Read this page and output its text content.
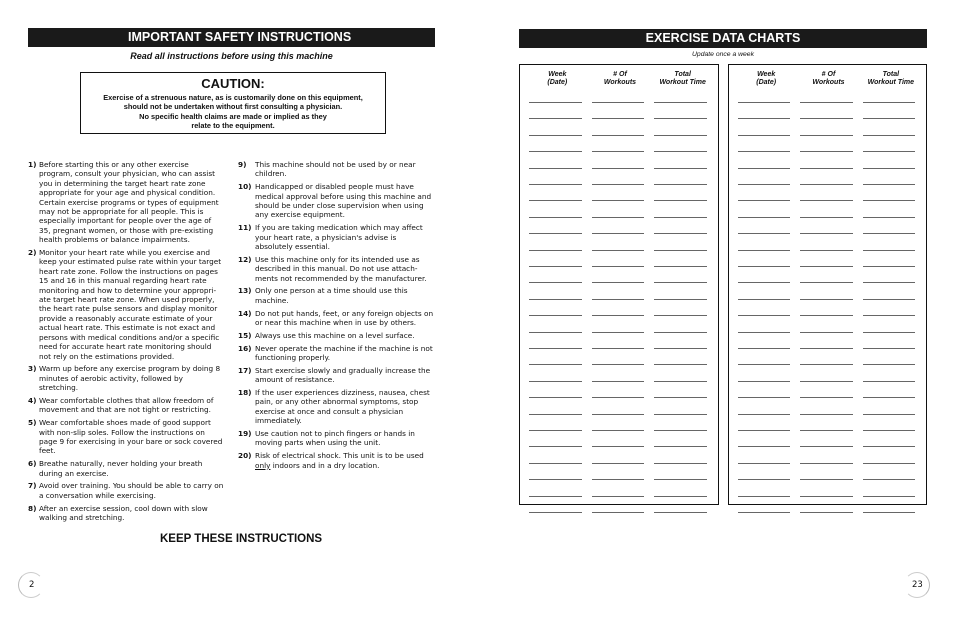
IMPORTANT SAFETY INSTRUCTIONS
Read all instructions before using this machine
CAUTION:
Exercise of a strenuous nature, as is customarily done on this equipment,
should not be undertaken without first consulting a physician.
No specific health claims are made or implied as they
relate to the equipment.
1) Before starting this or any other exercise program, consult your physician, who can assist you in determining the target heart rate zone appropriate for your age and physical condition. Certain exercise programs or types of equipment may not be appropriate for all people. This is especially important for people over the age of 35, pregnant women, or those with pre-existing health problems or balance impairments.
2) Monitor your heart rate while you exercise and keep your estimated pulse rate within your target heart rate zone. Follow the instructions on pages 15 and 16 in this manual regarding heart rate monitoring and how to determine your appropri-ate target heart rate zone. When used properly, the heart rate pulse sensors and display monitor provide a reasonably accurate estimate of your actual heart rate. This estimate is not exact and persons with medical conditions and/or a specific need for accurate heart rate monitoring should not rely on the estimations provided.
3) Warm up before any exercise program by doing 8 minutes of aerobic activity, followed by stretching.
4) Wear comfortable clothes that allow freedom of movement and that are not tight or restricting.
5) Wear comfortable shoes made of good support with non-slip soles. Follow the instructions on page 9 for exercising in your bare or sock covered feet.
6) Breathe naturally, never holding your breath during an exercise.
7) Avoid over training. You should be able to carry on a conversation while exercising.
8) After an exercise session, cool down with slow walking and stretching.
9)	This machine should not be used by or near children.
10) Handicapped or disabled people must have medical approval before using this machine and should be under close supervision when using any exercise equipment.
11) If you are taking medication which may affect your heart rate, a physician's advise is absolutely essential.
12) Use this machine only for its intended use as described in this manual. Do not use attach-ments not recommended by the manufacturer.
13) Only one person at a time should use this machine.
14) Do not put hands, feet, or any foreign objects on or near this machine when in use by others.
15) Always use this machine on a level surface.
16) Never operate the machine if the machine is not functioning properly.
17) Start exercise slowly and gradually increase the amount of resistance.
18) If the user experiences dizziness, nausea, chest pain, or any other abnormal symptoms, stop exercise at once and consult a physician immediately.
19) Use caution not to pinch fingers or hands in moving parts when using the unit.
20) Risk of electrical shock. This unit is to be used only indoors and in a dry location.
KEEP THESE INSTRUCTIONS
2
EXERCISE DATA CHARTS
Update once a week
Week
(Date)
# Of
Workouts
Total
Workout Time
Week
(Date)
# Of
Workouts
Total
Workout Time
23
